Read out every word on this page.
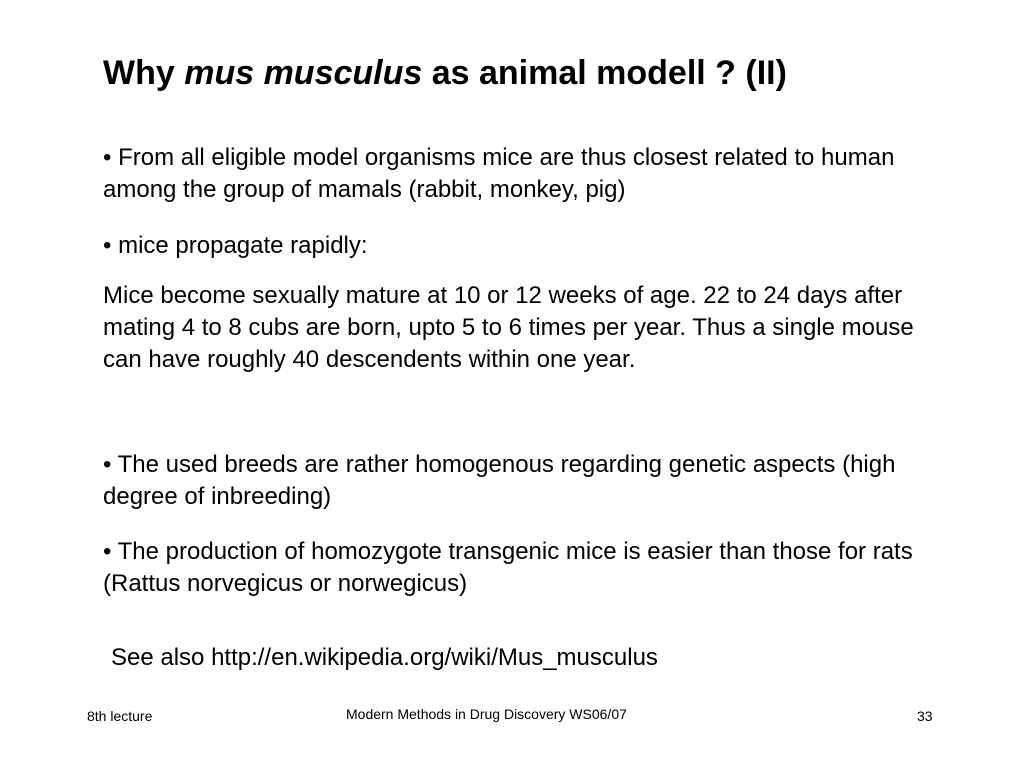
Why mus musculus as animal modell ? (II)

• From all eligible model organisms mice are thus closest related to human among the group of mamals (rabbit, monkey, pig)

• mice propagate rapidly:

Mice become sexually mature at 10 or 12 weeks of age. 22 to 24 days after mating 4 to 8 cubs are born, upto 5 to 6 times per year. Thus a single mouse can have roughly 40 descendents within one year.

• The used breeds are rather homogenous regarding genetic aspects (high degree of inbreeding)

• The production of homozygote transgenic mice is easier than those for rats (Rattus norvegicus or norwegicus)

See also http://en.wikipedia.org/wiki/Mus_musculus

8th lecture	Modern Methods in Drug Discovery WS06/07	33
